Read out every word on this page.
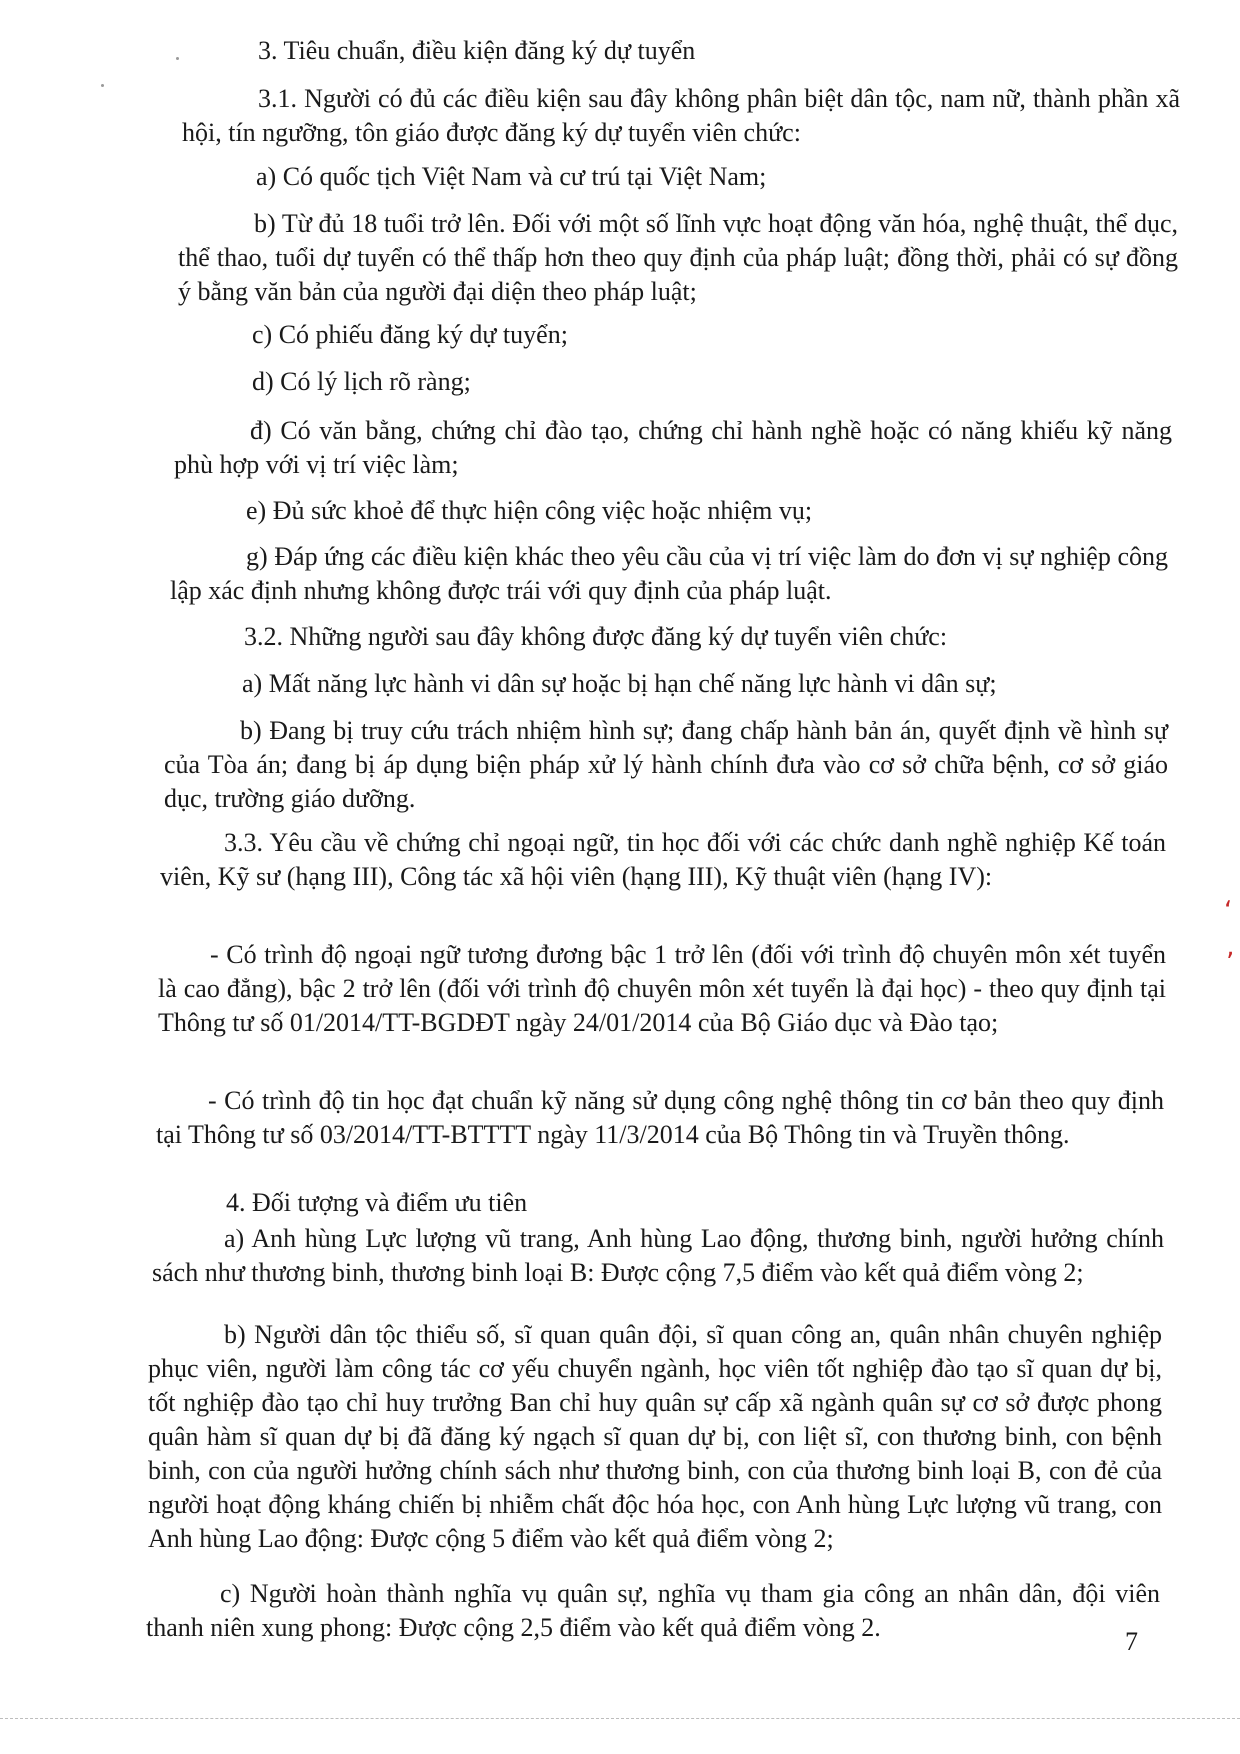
3. Tiêu chuẩn, điều kiện đăng ký dự tuyển

3.1. Người có đủ các điều kiện sau đây không phân biệt dân tộc, nam nữ, thành phần xã hội, tín ngưỡng, tôn giáo được đăng ký dự tuyển viên chức:

a) Có quốc tịch Việt Nam và cư trú tại Việt Nam;

b) Từ đủ 18 tuổi trở lên. Đối với một số lĩnh vực hoạt động văn hóa, nghệ thuật, thể dục, thể thao, tuổi dự tuyển có thể thấp hơn theo quy định của pháp luật; đồng thời, phải có sự đồng ý bằng văn bản của người đại diện theo pháp luật;

c) Có phiếu đăng ký dự tuyển;

d) Có lý lịch rõ ràng;

đ) Có văn bằng, chứng chỉ đào tạo, chứng chỉ hành nghề hoặc có năng khiếu kỹ năng phù hợp với vị trí việc làm;

e) Đủ sức khoẻ để thực hiện công việc hoặc nhiệm vụ;

g) Đáp ứng các điều kiện khác theo yêu cầu của vị trí việc làm do đơn vị sự nghiệp công lập xác định nhưng không được trái với quy định của pháp luật.

3.2. Những người sau đây không được đăng ký dự tuyển viên chức:

a) Mất năng lực hành vi dân sự hoặc bị hạn chế năng lực hành vi dân sự;

b) Đang bị truy cứu trách nhiệm hình sự; đang chấp hành bản án, quyết định về hình sự của Tòa án; đang bị áp dụng biện pháp xử lý hành chính đưa vào cơ sở chữa bệnh, cơ sở giáo dục, trường giáo dưỡng.

3.3. Yêu cầu về chứng chỉ ngoại ngữ, tin học đối với các chức danh nghề nghiệp Kế toán viên, Kỹ sư (hạng III), Công tác xã hội viên (hạng III), Kỹ thuật viên (hạng IV):

- Có trình độ ngoại ngữ tương đương bậc 1 trở lên (đối với trình độ chuyên môn xét tuyển là cao đẳng), bậc 2 trở lên (đối với trình độ chuyên môn xét tuyển là đại học) - theo quy định tại Thông tư số 01/2014/TT-BGDĐT ngày 24/01/2014 của Bộ Giáo dục và Đào tạo;

- Có trình độ tin học đạt chuẩn kỹ năng sử dụng công nghệ thông tin cơ bản theo quy định tại Thông tư số 03/2014/TT-BTTTT ngày 11/3/2014 của Bộ Thông tin và Truyền thông.

4. Đối tượng và điểm ưu tiên

a) Anh hùng Lực lượng vũ trang, Anh hùng Lao động, thương binh, người hưởng chính sách như thương binh, thương binh loại B: Được cộng 7,5 điểm vào kết quả điểm vòng 2;

b) Người dân tộc thiểu số, sĩ quan quân đội, sĩ quan công an, quân nhân chuyên nghiệp phục viên, người làm công tác cơ yếu chuyển ngành, học viên tốt nghiệp đào tạo sĩ quan dự bị, tốt nghiệp đào tạo chỉ huy trưởng Ban chỉ huy quân sự cấp xã ngành quân sự cơ sở được phong quân hàm sĩ quan dự bị đã đăng ký ngạch sĩ quan dự bị, con liệt sĩ, con thương binh, con bệnh binh, con của người hưởng chính sách như thương binh, con của thương binh loại B, con đẻ của người hoạt động kháng chiến bị nhiễm chất độc hóa học, con Anh hùng Lực lượng vũ trang, con Anh hùng Lao động: Được cộng 5 điểm vào kết quả điểm vòng 2;

c) Người hoàn thành nghĩa vụ quân sự, nghĩa vụ tham gia công an nhân dân, đội viên thanh niên xung phong: Được cộng 2,5 điểm vào kết quả điểm vòng 2.	7
ʻ
‚
